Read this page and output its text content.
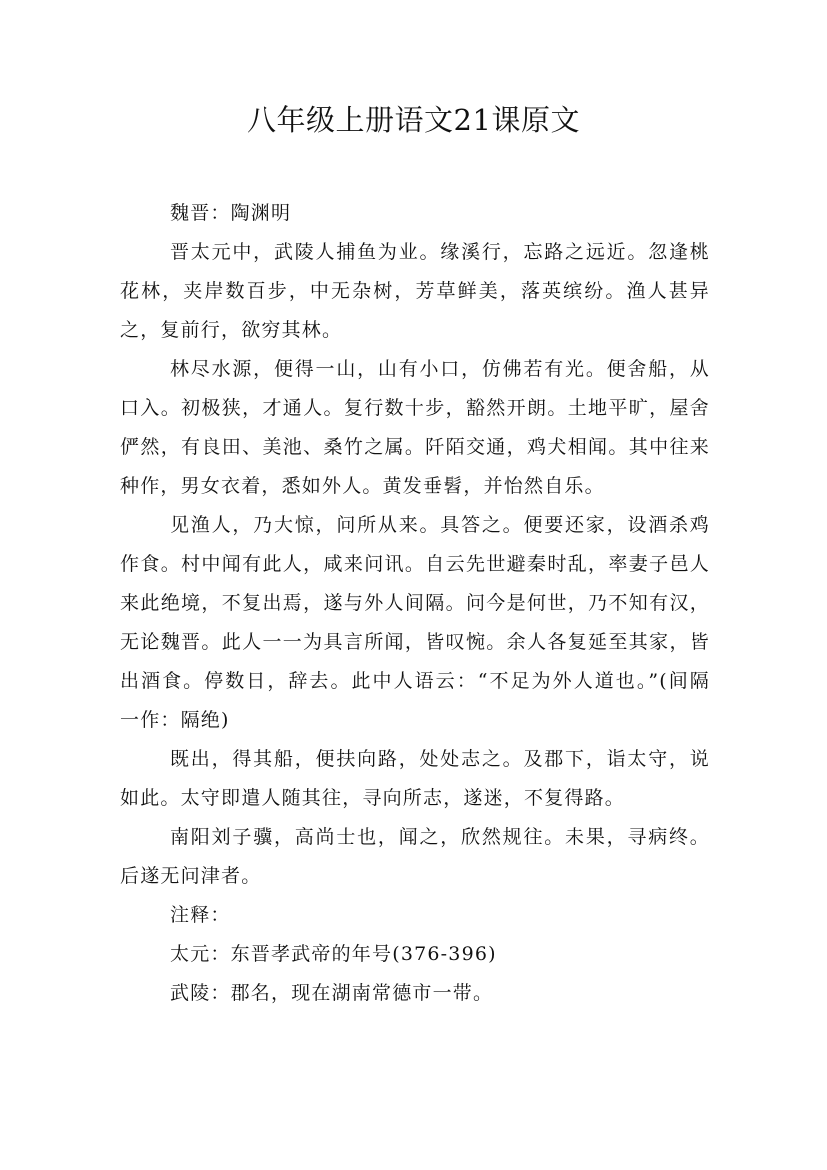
八年级上册语文21课原文

魏晋：陶渊明

晋太元中，武陵人捕鱼为业。缘溪行，忘路之远近。忽逢桃花林，夹岸数百步，中无杂树，芳草鲜美，落英缤纷。渔人甚异之，复前行，欲穷其林。

林尽水源，便得一山，山有小口，仿佛若有光。便舍船，从口入。初极狭，才通人。复行数十步，豁然开朗。土地平旷，屋舍俨然，有良田、美池、桑竹之属。阡陌交通，鸡犬相闻。其中往来种作，男女衣着，悉如外人。黄发垂髫，并怡然自乐。

见渔人，乃大惊，问所从来。具答之。便要还家，设酒杀鸡作食。村中闻有此人，咸来问讯。自云先世避秦时乱，率妻子邑人来此绝境，不复出焉，遂与外人间隔。问今是何世，乃不知有汉，无论魏晋。此人一一为具言所闻，皆叹惋。余人各复延至其家，皆出酒食。停数日，辞去。此中人语云：“不足为外人道也。”(间隔 一作：隔绝)

既出，得其船，便扶向路，处处志之。及郡下，诣太守，说如此。太守即遣人随其往，寻向所志，遂迷，不复得路。

南阳刘子骥，高尚士也，闻之，欣然规往。未果，寻病终。后遂无问津者。

注释：

太元：东晋孝武帝的年号(376-396)

武陵：郡名，现在湖南常德市一带。
